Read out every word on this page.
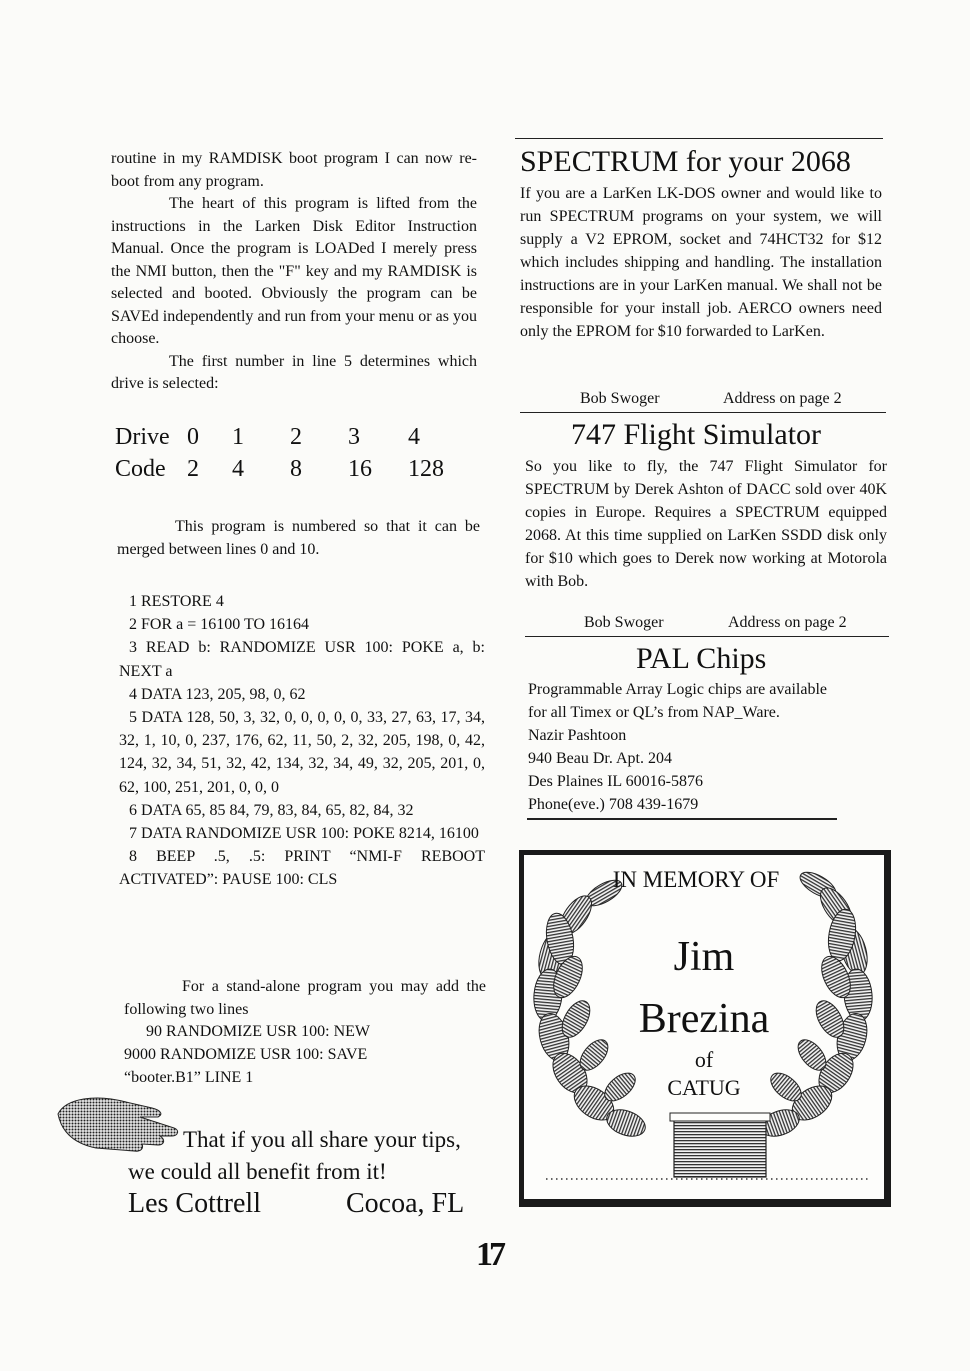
routine in my RAMDISK boot program I can now re-boot from any program.

The heart of this program is lifted from the instructions in the Larken Disk Editor Instruction Manual. Once the program is LOADed I merely press the NMI button, then the "F" key and my RAMDISK is selected and booted. Obviously the program can be SAVEd independently and run from your menu or as you choose.

The first number in line 5 determines which drive is selected:

Drive 0 1 2 3 4
Code 2 4 8 16 128

This program is numbered so that it can be merged between lines 0 and 10.

1 RESTORE 4

2 FOR a = 16100 TO 16164

3 READ b: RANDOMIZE USR 100: POKE a, b: NEXT a

4 DATA 123, 205, 98, 0, 62

5 DATA 128, 50, 3, 32, 0, 0, 0, 0, 0, 33, 27, 63, 17, 34, 32, 1, 10, 0, 237, 176, 62, 11, 50, 2, 32, 205, 198, 0, 42, 124, 32, 34, 51, 32, 42, 134, 32, 34, 49, 32, 205, 201, 0, 62, 100, 251, 201, 0, 0, 0

6 DATA 65, 85 84, 79, 83, 84, 65, 82, 84, 32

7 DATA RANDOMIZE USR 100: POKE 8214, 16100

8 BEEP .5, .5: PRINT “NMI-F REBOOT ACTIVATED”: PAUSE 100: CLS

For a stand-alone program you may add the following two lines

90 RANDOMIZE USR 100: NEW

9000 RANDOMIZE USR 100: SAVE “booter.B1” LINE 1

That if you all share your tips, we could all benefit from it!

Les Cottrell	Cocoa, FL
SPECTRUM for your 2068

If you are a LarKen LK-DOS owner and would like to run SPECTRUM programs on your system, we will supply a V2 EPROM, socket and 74HCT32 for $12 which includes shipping and handling. The installation instructions are in your LarKen manual. We shall not be responsible for your install job. AERCO owners need only the EPROM for $10 forwarded to LarKen.

Bob Swoger	Address on page 2
747 Flight Simulator

So you like to fly, the 747 Flight Simulator for SPECTRUM by Derek Ashton of DACC sold over 40K copies in Europe. Requires a SPECTRUM equipped 2068. At this time supplied on LarKen SSDD disk only for $10 which goes to Derek now working at Motorola with Bob.

Bob Swoger	Address on page 2
PAL Chips

Programmable Array Logic chips are available

for all Timex or QL’s from NAP_Ware.

Nazir Pashtoon

940 Beau Dr. Apt. 204

Des Plaines IL 60016-5876

Phone(eve.) 708 439-1679

IN MEMORY OF
Jim
Brezina
of
CATUG
17
